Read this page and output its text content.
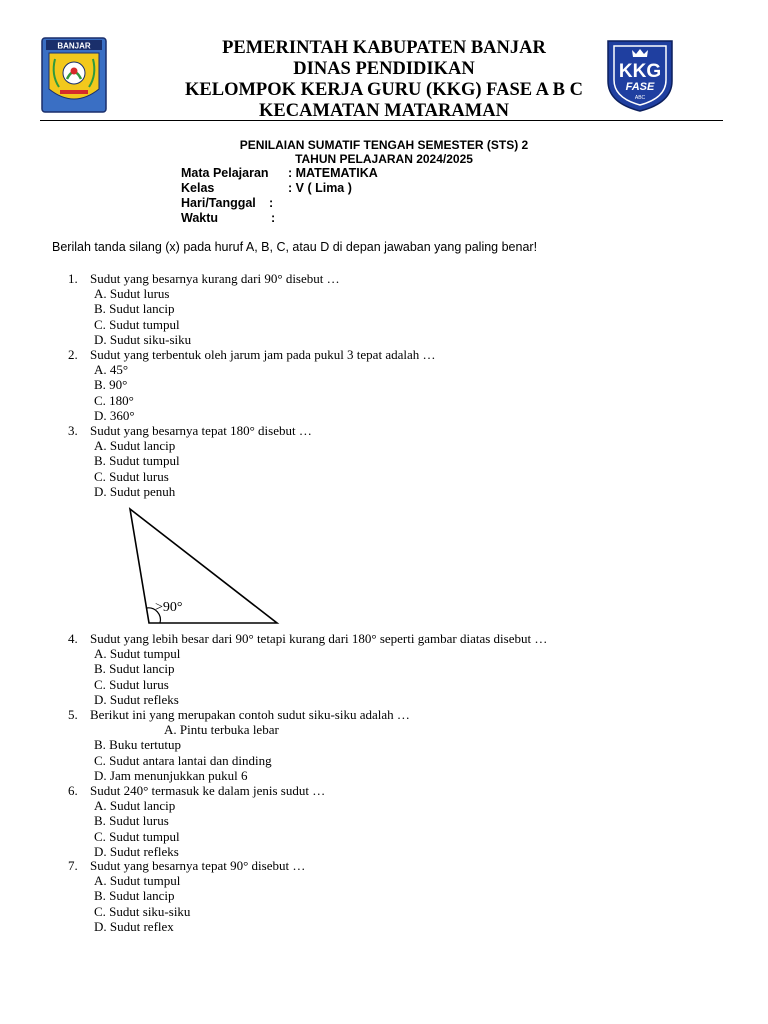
BANJAR	PEMERINTAH KABUPATEN BANJAR
DINAS PENDIDIKAN
KELOMPOK KERJA GURU (KKG) FASE A B C
KECAMATAN MATARAMAN
KKG
FASE
ABC
PENILAIAN SUMATIF TENGAH SEMESTER (STS) 2
TAHUN PELAJARAN 2024/2025
Mata Pelajaran : MATEMATIKA
Kelas	: V ( Lima )
Hari/Tanggal :
Waktu	:
Berilah tanda silang (x) pada huruf A, B, C, atau D di depan jawaban yang paling benar!
1. Sudut yang besarnya kurang dari 90° disebut …
A. Sudut lurus
B. Sudut lancip
C. Sudut tumpul
D. Sudut siku-siku
2. Sudut yang terbentuk oleh jarum jam pada pukul 3 tepat adalah …
A. 45°
B. 90°
C. 180°
D. 360°
3. Sudut yang besarnya tepat 180° disebut …
A. Sudut lancip
B. Sudut tumpul
C. Sudut lurus
D. Sudut penuh
>90°
4. Sudut yang lebih besar dari 90° tetapi kurang dari 180° seperti gambar diatas disebut …
A. Sudut tumpul
B. Sudut lancip
C. Sudut lurus
D. Sudut refleks
5. Berikut ini yang merupakan contoh sudut siku-siku adalah …
A. Pintu terbuka lebar
B. Buku tertutup
C. Sudut antara lantai dan dinding
D. Jam menunjukkan pukul 6
6. Sudut 240° termasuk ke dalam jenis sudut …
A. Sudut lancip
B. Sudut lurus
C. Sudut tumpul
D. Sudut refleks
7. Sudut yang besarnya tepat 90° disebut …
A. Sudut tumpul
B. Sudut lancip
C. Sudut siku-siku
D. Sudut reflex
